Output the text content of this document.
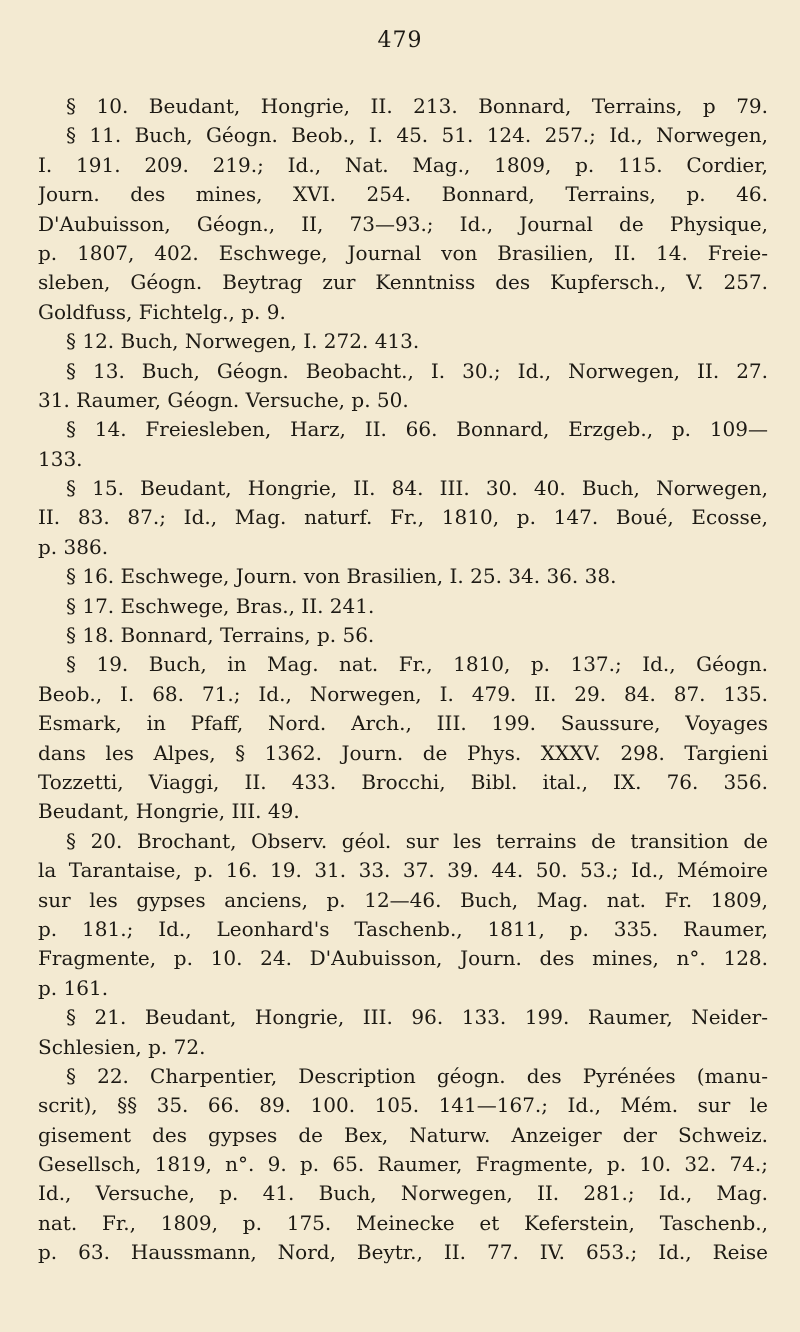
479
§ 10. Beudant, Hongrie, II. 213. Bonnard, Terrains, p 79.
§ 11. Buch, Géogn. Beob., I. 45. 51. 124. 257.; Id., Norwegen,
I. 191. 209. 219.; Id., Nat. Mag., 1809, p. 115. Cordier,
Journ. des mines, XVI. 254. Bonnard, Terrains, p. 46.
D'Aubuisson, Géogn., II, 73—93.; Id., Journal de Physique,
p. 1807, 402. Eschwege, Journal von Brasilien, II. 14. Freie-
sleben, Géogn. Beytrag zur Kenntniss des Kupfersch., V. 257.
Goldfuss, Fichtelg., p. 9.
§ 12. Buch, Norwegen, I. 272. 413.
§ 13. Buch, Géogn. Beobacht., I. 30.; Id., Norwegen, II. 27.
31. Raumer, Géogn. Versuche, p. 50.
§ 14. Freiesleben, Harz, II. 66. Bonnard, Erzgeb., p. 109—
133.
§ 15. Beudant, Hongrie, II. 84. III. 30. 40. Buch, Norwegen,
II. 83. 87.; Id., Mag. naturf. Fr., 1810, p. 147. Boué, Ecosse,
p. 386.
§ 16. Eschwege, Journ. von Brasilien, I. 25. 34. 36. 38.
§ 17. Eschwege, Bras., II. 241.
§ 18. Bonnard, Terrains, p. 56.
§ 19. Buch, in Mag. nat. Fr., 1810, p. 137.; Id., Géogn.
Beob., I. 68. 71.; Id., Norwegen, I. 479. II. 29. 84. 87. 135.
Esmark, in Pfaff, Nord. Arch., III. 199. Saussure, Voyages
dans les Alpes, § 1362. Journ. de Phys. XXXV. 298. Targieni
Tozzetti, Viaggi, II. 433. Brocchi, Bibl. ital., IX. 76. 356.
Beudant, Hongrie, III. 49.
§ 20. Brochant, Observ. géol. sur les terrains de transition de
la Tarantaise, p. 16. 19. 31. 33. 37. 39. 44. 50. 53.; Id., Mémoire
sur les gypses anciens, p. 12—46. Buch, Mag. nat. Fr. 1809,
p. 181.; Id., Leonhard's Taschenb., 1811, p. 335. Raumer,
Fragmente, p. 10. 24. D'Aubuisson, Journ. des mines, n°. 128.
p. 161.
§ 21. Beudant, Hongrie, III. 96. 133. 199. Raumer, Neider-
Schlesien, p. 72.
§ 22. Charpentier, Description géogn. des Pyrénées (manu-
scrit), §§ 35. 66. 89. 100. 105. 141—167.; Id., Mém. sur le
gisement des gypses de Bex, Naturw. Anzeiger der Schweiz.
Gesellsch, 1819, n°. 9. p. 65. Raumer, Fragmente, p. 10. 32. 74.;
Id., Versuche, p. 41. Buch, Norwegen, II. 281.; Id., Mag.
nat. Fr., 1809, p. 175. Meinecke et Keferstein, Taschenb.,
p. 63. Haussmann, Nord, Beytr., II. 77. IV. 653.; Id., Reise
